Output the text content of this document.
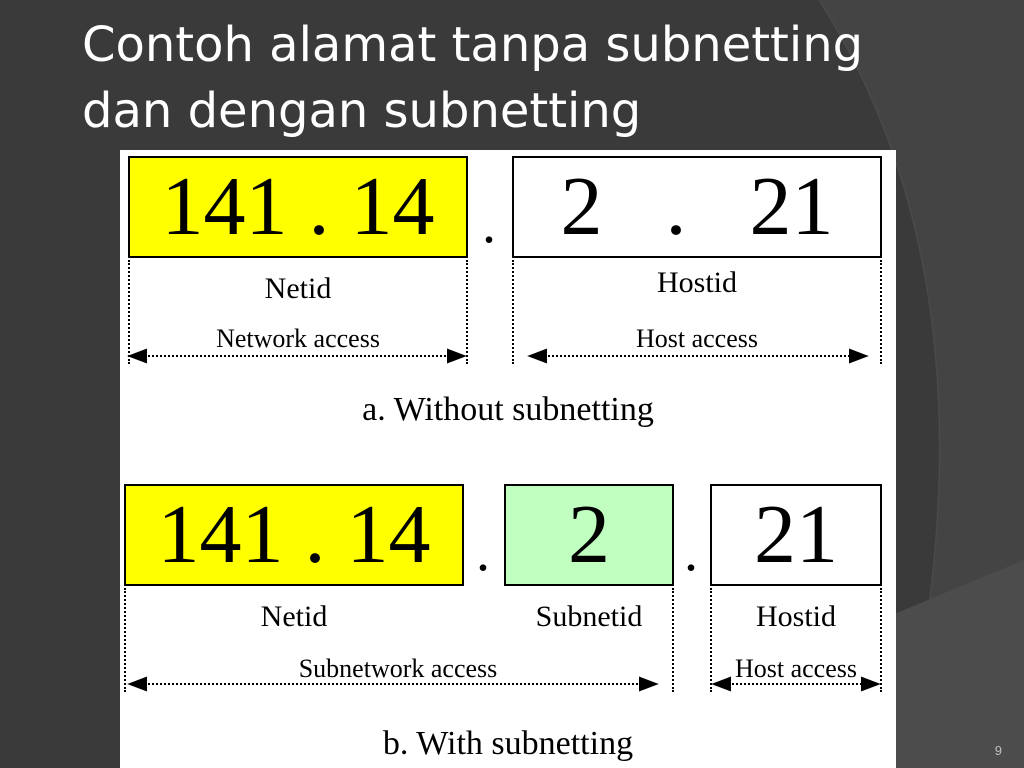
Contoh alamat tanpa subnetting
dan dengan subnetting
141 . 14 . 2   .   21
Netid	Hostid
Network access	Host access
a. Without subnetting
141 . 14 . 2 . 21
Netid	Subnetid	Hostid
Subnetwork access	Host access
b. With subnetting	9
